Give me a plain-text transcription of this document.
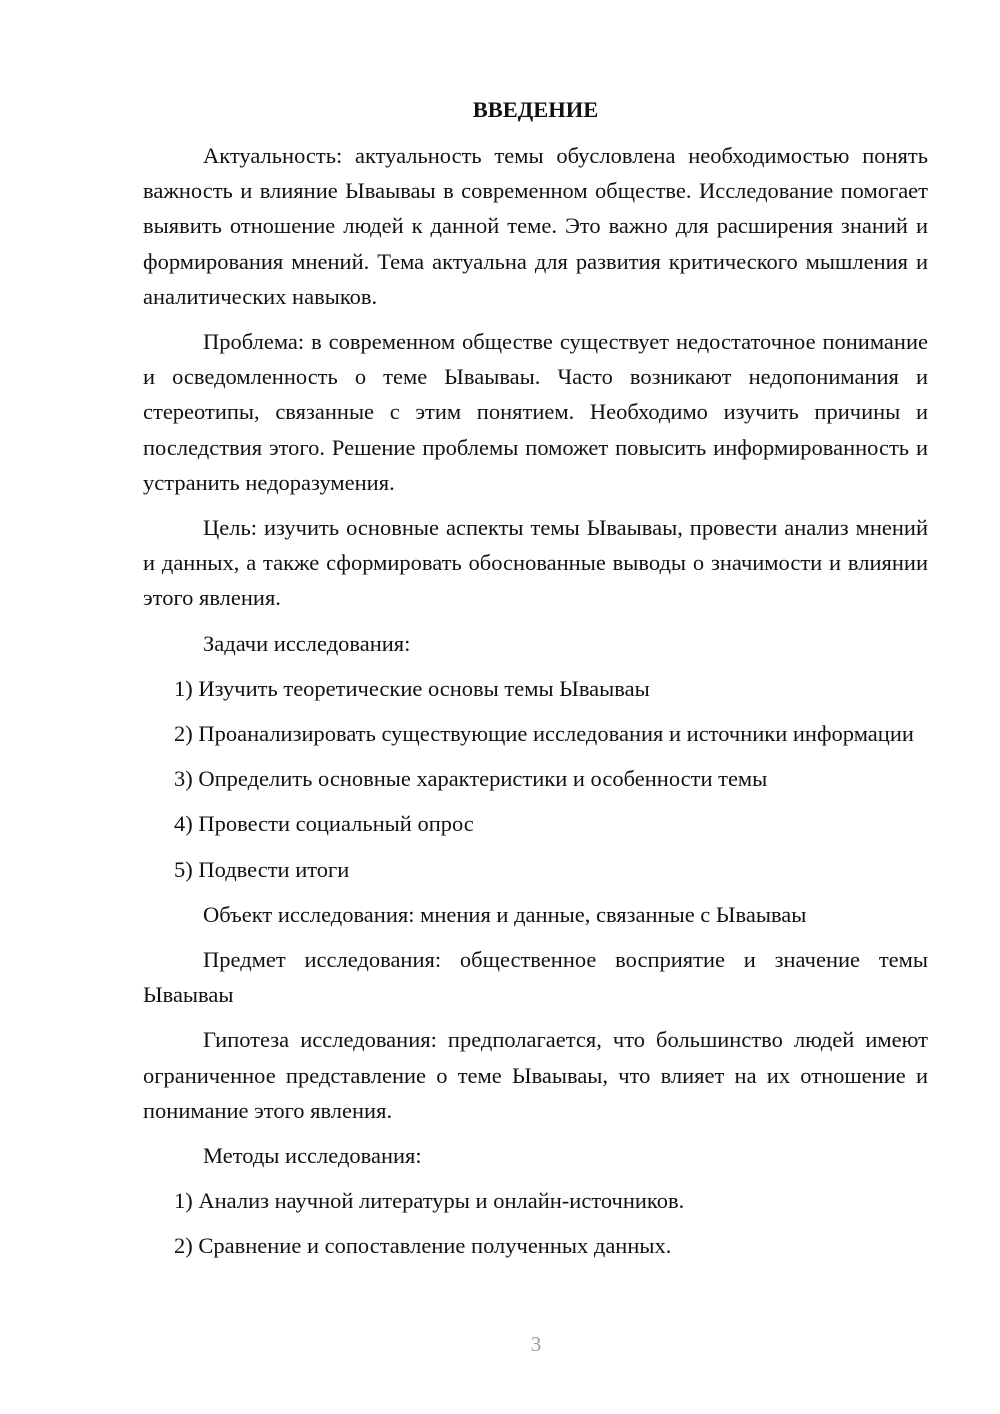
ВВЕДЕНИЕ

Актуальность: актуальность темы обусловлена необходимостью понять важность и влияние Ываываы в современном обществе. Исследование помогает выявить отношение людей к данной теме. Это важно для расширения знаний и формирования мнений. Тема актуальна для развития критического мышления и аналитических навыков.

Проблема: в современном обществе существует недостаточное понимание и осведомленность о теме Ываываы. Часто возникают недопонимания и стереотипы, связанные с этим понятием. Необходимо изучить причины и последствия этого. Решение проблемы поможет повысить информированность и устранить недоразумения.

Цель: изучить основные аспекты темы Ываываы, провести анализ мнений и данных, а также сформировать обоснованные выводы о значимости и влиянии этого явления.

Задачи исследования:

1) Изучить теоретические основы темы Ываываы

2) Проанализировать существующие исследования и источники информации

3) Определить основные характеристики и особенности темы

4) Провести социальный опрос

5) Подвести итоги

Объект исследования: мнения и данные, связанные с Ываываы

Предмет исследования: общественное восприятие и значение темы Ываываы

Гипотеза исследования: предполагается, что большинство людей имеют ограниченное представление о теме Ываываы, что влияет на их отношение и понимание этого явления.

Методы исследования:

1) Анализ научной литературы и онлайн-источников.

2) Сравнение и сопоставление полученных данных.

3
